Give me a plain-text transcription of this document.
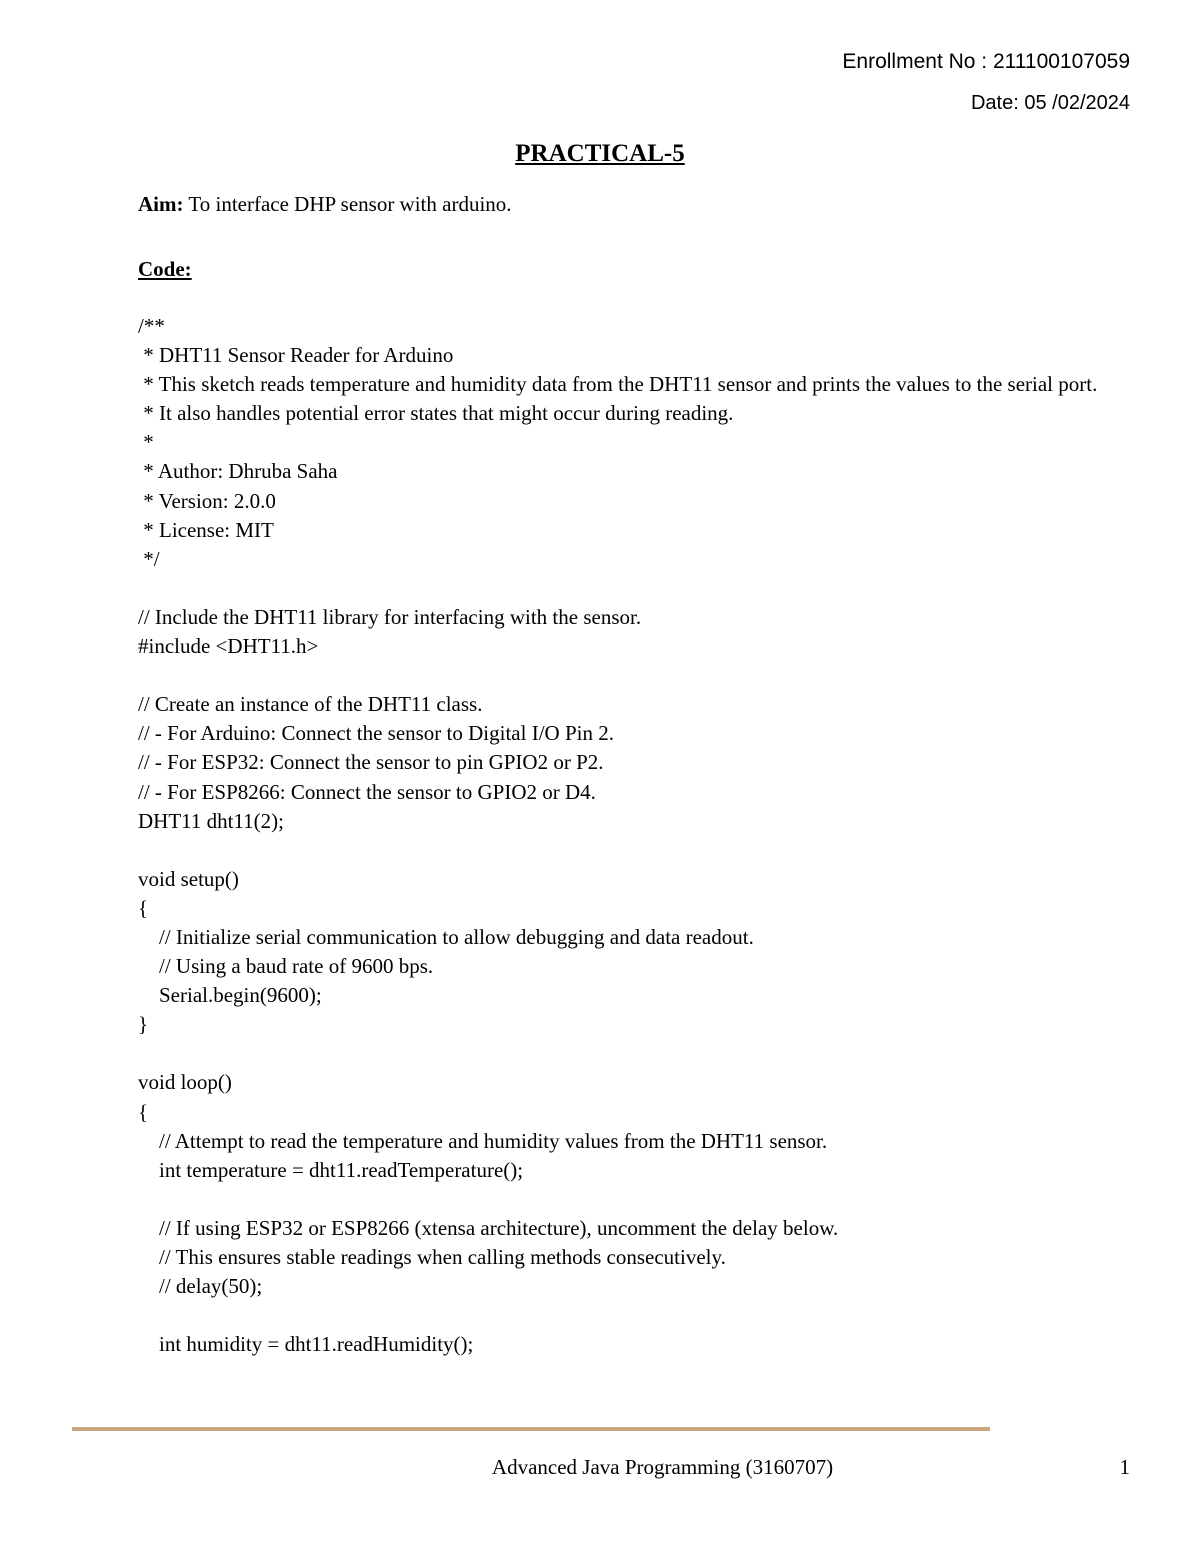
Enrollment No : 211100107059
Date: 05 /02/2024
PRACTICAL-5
Aim: To interface DHP sensor with arduino.
Code:
/**
* DHT11 Sensor Reader for Arduino
* This sketch reads temperature and humidity data from the DHT11 sensor and prints the values to the serial port.
* It also handles potential error states that might occur during reading.
*
* Author: Dhruba Saha
* Version: 2.0.0
* License: MIT
*/

// Include the DHT11 library for interfacing with the sensor.
#include <DHT11.h>

// Create an instance of the DHT11 class.
// - For Arduino: Connect the sensor to Digital I/O Pin 2.
// - For ESP32: Connect the sensor to pin GPIO2 or P2.
// - For ESP8266: Connect the sensor to GPIO2 or D4.
DHT11 dht11(2);

void setup()
{
// Initialize serial communication to allow debugging and data readout.
// Using a baud rate of 9600 bps.
Serial.begin(9600);
}

void loop()
{
// Attempt to read the temperature and humidity values from the DHT11 sensor.
int temperature = dht11.readTemperature();

// If using ESP32 or ESP8266 (xtensa architecture), uncomment the delay below.
// This ensures stable readings when calling methods consecutively.
// delay(50);

int humidity = dht11.readHumidity();
Advanced Java Programming (3160707)	1
